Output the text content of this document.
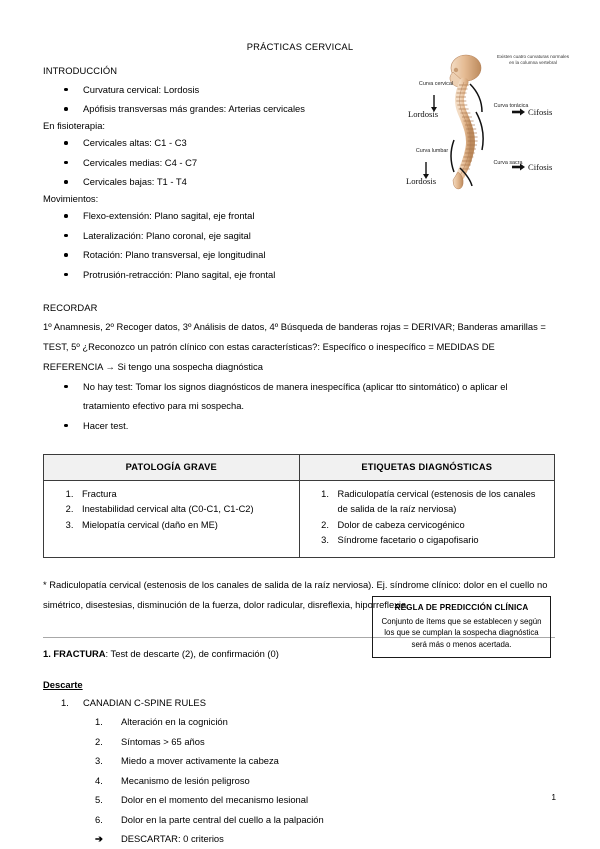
PRÁCTICAS CERVICAL
Existen cuatro curvaturas normales en la columna vertebral
Curva cervical
Lordosis
Curva torácica
Cifosis
Curva lumbar
Lordosis
Curva sacra Cifosis
INTRODUCCIÓN
Curvatura cervical: Lordosis
Apófisis transversas más grandes: Arterias cervicales
En fisioterapia:
Cervicales altas: C1 - C3
Cervicales medias: C4 - C7
Cervicales bajas: T1 - T4
Movimientos:
Flexo-extensión: Plano sagital, eje frontal
Lateralización: Plano coronal, eje sagital
Rotación: Plano transversal, eje longitudinal
Protrusión-retracción: Plano sagital, eje frontal
RECORDAR

1º Anamnesis, 2º Recoger datos, 3º Análisis de datos, 4º Búsqueda de banderas rojas = DERIVAR; Banderas amarillas = TEST, 5º ¿Reconozco un patrón clínico con estas características?: Específico o inespecífico = MEDIDAS DE REFERENCIA → Si tengo una sospecha diagnóstica

No hay test: Tomar los signos diagnósticos de manera inespecífica (aplicar tto sintomático) o aplicar el tratamiento efectivo para mi sospecha.
Hacer test.
PATOLOGÍA GRAVE	ETIQUETAS DIAGNÓSTICAS

1. Fractura
2. Inestabilidad cervical alta (C0-C1, C1-C2)
3. Mielopatía cervical (daño en ME)

1. Radiculopatía cervical (estenosis de los canales de salida de la raíz nerviosa)
2. Dolor de cabeza cervicogénico
3. Síndrome facetario o cigapofisario

* Radiculopatía cervical (estenosis de los canales de salida de la raíz nerviosa). Ej. síndrome clínico: dolor en el cuello no simétrico, disestesias, disminución de la fuerza, dolor radicular, disreflexia, hiporreflexia.

1. FRACTURA: Test de descarte (2), de confirmación (0)
Descarte
1.	CANADIAN C-SPINE RULES
1.	Alteración en la cognición
2.	Síntomas > 65 años
3.	Miedo a mover activamente la cabeza
4.	Mecanismo de lesión peligroso
5.	Dolor en el momento del mecanismo lesional
6.	Dolor en la parte central del cuello a la palpación
➔	DESCARTAR: 0 criterios
REGLA DE PREDICCIÓN CLÍNICA
Conjunto de ítems que se establecen y según los que se cumplan la sospecha diagnóstica será más o menos acertada.
1
